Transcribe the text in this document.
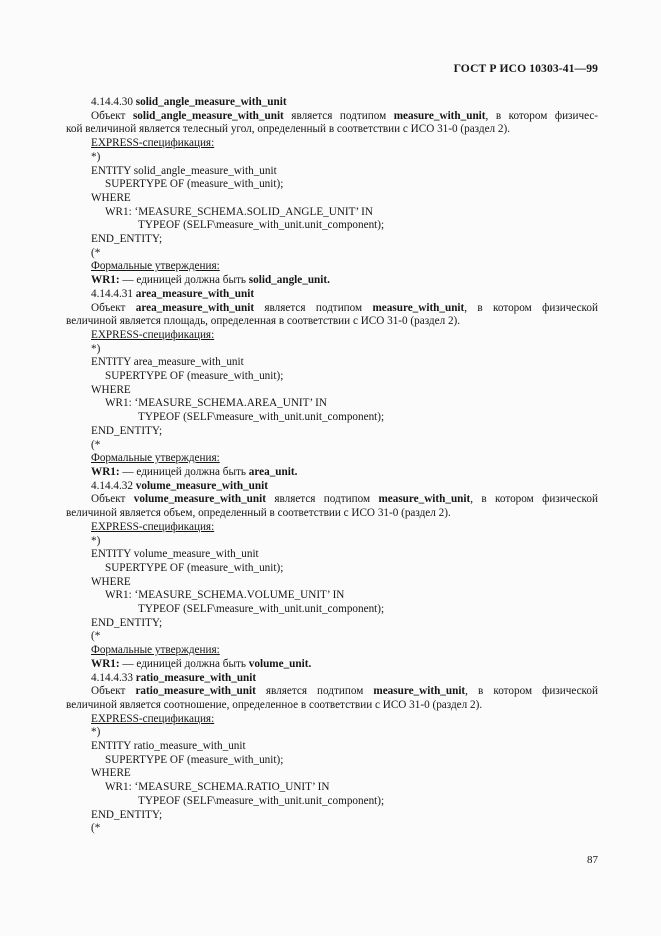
ГОСТ Р ИСО 10303-41—99
4.14.4.30 solid_angle_measure_with_unit
Объект solid_angle_measure_with_unit является подтипом measure_with_unit, в котором физичес-
кой величиной является телесный угол, определенный в соответствии с ИСО 31-0 (раздел 2).
EXPRESS-спецификация:
*)
ENTITY solid_angle_measure_with_unit
SUPERTYPE OF (measure_with_unit);
WHERE
WR1: ‘MEASURE_SCHEMA.SOLID_ANGLE_UNIT’ IN
TYPEOF (SELF\measure_with_unit.unit_component);
END_ENTITY;
(*
Формальные утверждения:
WR1: — единицей должна быть solid_angle_unit.
4.14.4.31 area_measure_with_unit
Объект area_measure_with_unit является подтипом measure_with_unit, в котором физической
величиной является площадь, определенная в соответствии с ИСО 31-0 (раздел 2).
EXPRESS-спецификация:
*)
ENTITY area_measure_with_unit
SUPERTYPE OF (measure_with_unit);
WHERE
WR1: ‘MEASURE_SCHEMA.AREA_UNIT’ IN
TYPEOF (SELF\measure_with_unit.unit_component);
END_ENTITY;
(*
Формальные утверждения:
WR1: — единицей должна быть area_unit.
4.14.4.32 volume_measure_with_unit
Объект volume_measure_with_unit является подтипом measure_with_unit, в котором физической
величиной является объем, определенный в соответствии с ИСО 31-0 (раздел 2).
EXPRESS-спецификация:
*)
ENTITY volume_measure_with_unit
SUPERTYPE OF (measure_with_unit);
WHERE
WR1: ‘MEASURE_SCHEMA.VOLUME_UNIT’ IN
TYPEOF (SELF\measure_with_unit.unit_component);
END_ENTITY;
(*
Формальные утверждения:
WR1: — единицей должна быть volume_unit.
4.14.4.33 ratio_measure_with_unit
Объект ratio_measure_with_unit является подтипом measure_with_unit, в котором физической
величиной является соотношение, определенное в соответствии с ИСО 31-0 (раздел 2).
EXPRESS-спецификация:
*)
ENTITY ratio_measure_with_unit
SUPERTYPE OF (measure_with_unit);
WHERE
WR1: ‘MEASURE_SCHEMA.RATIO_UNIT’ IN
TYPEOF (SELF\measure_with_unit.unit_component);
END_ENTITY;
(*
87
